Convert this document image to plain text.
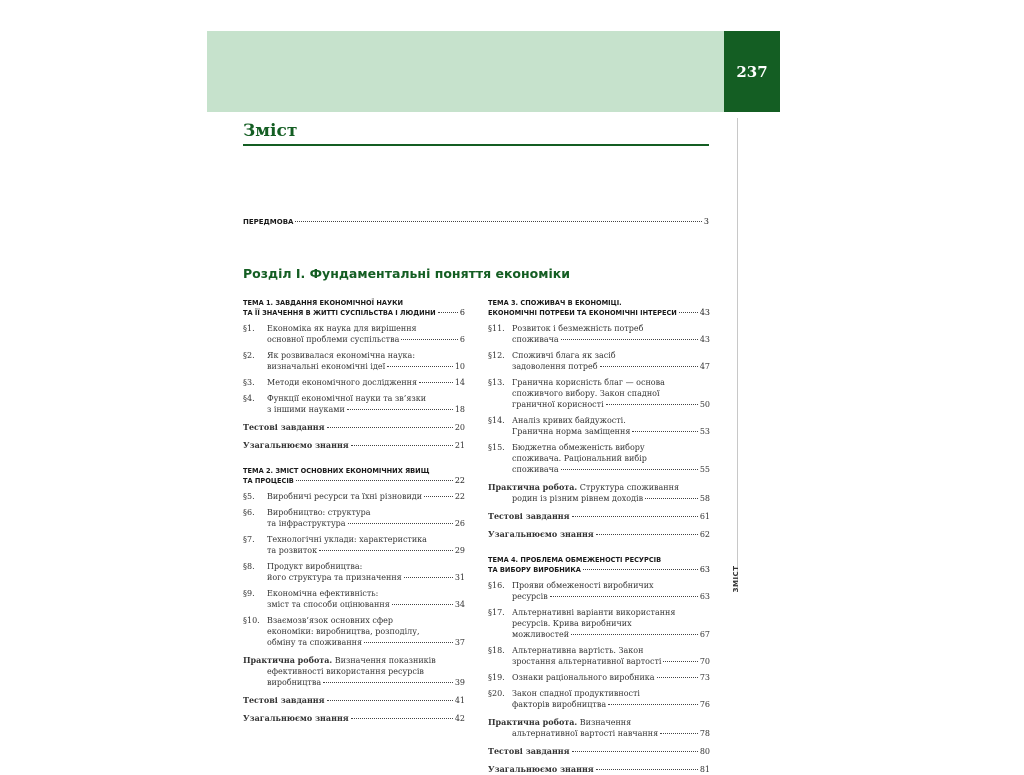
237
ЗМІСТ
Зміст
ПЕРЕДМОВА	3
Розділ I. Фундаментальні поняття економіки
ТЕМА 1. ЗАВДАННЯ ЕКОНОМІЧНОЇ НАУКИ
ТА ЇЇ ЗНАЧЕННЯ В ЖИТТІ СУСПІЛЬСТВА І ЛЮДИНИ	6
§1.	Економіка як наука для вирішення
основної проблеми суспільства	6
§2.	Як розвивалася економічна наука:
визначальні економічні ідеї	10
§3.	Методи економічного дослідження	14
§4.	Функції економічної науки та зв’язки
з іншими науками	18
Тестові завдання	20
Узагальнюємо знання	21
ТЕМА 2. ЗМІСТ ОСНОВНИХ ЕКОНОМІЧНИХ ЯВИЩ
ТА ПРОЦЕСІВ	22
§5.	Виробничі ресурси та їхні різновиди	22
§6.	Виробництво: структура
та інфраструктура	26
§7.	Технологічні уклади: характеристика
та розвиток	29
§8.	Продукт виробництва:
його структура та призначення	31
§9.	Економічна ефективність:
зміст та способи оцінювання	34
§10. Взаємозв’язок основних сфер
економіки: виробництва, розподілу,
обміну та споживання	37
Практична робота. Визначення показників
ефективності використання ресурсів
виробництва	39
Тестові завдання	41
Узагальнюємо знання	42
ТЕМА 3. СПОЖИВАЧ В ЕКОНОМІЦІ.
ЕКОНОМІЧНІ ПОТРЕБИ ТА ЕКОНОМІЧНІ ІНТЕРЕСИ	43
§11. Розвиток і безмежність потреб
споживача	43
§12. Споживчі блага як засіб
задоволення потреб	47
§13. Гранична корисність благ — основа
споживчого вибору. Закон спадної
граничної корисності	50
§14. Аналіз кривих байдужості.
Гранична норма заміщення	53
§15. Бюджетна обмеженість вибору
споживача. Раціональний вибір
споживача	55
Практична робота. Структура споживання
родин із різним рівнем доходів	58
Тестові завдання	61
Узагальнюємо знання	62
ТЕМА 4. ПРОБЛЕМА ОБМЕЖЕНОСТІ РЕСУРСІВ
ТА ВИБОРУ ВИРОБНИКА	63
§16. Прояви обмеженості виробничих
ресурсів	63
§17. Альтернативні варіанти використання
ресурсів. Крива виробничих
можливостей	67
§18. Альтернативна вартість. Закон
зростання альтернативної вартості	70
§19. Ознаки раціонального виробника	73
§20. Закон спадної продуктивності
факторів виробництва	76
Практична робота. Визначення
альтернативної вартості навчання	78
Тестові завдання	80
Узагальнюємо знання	81
